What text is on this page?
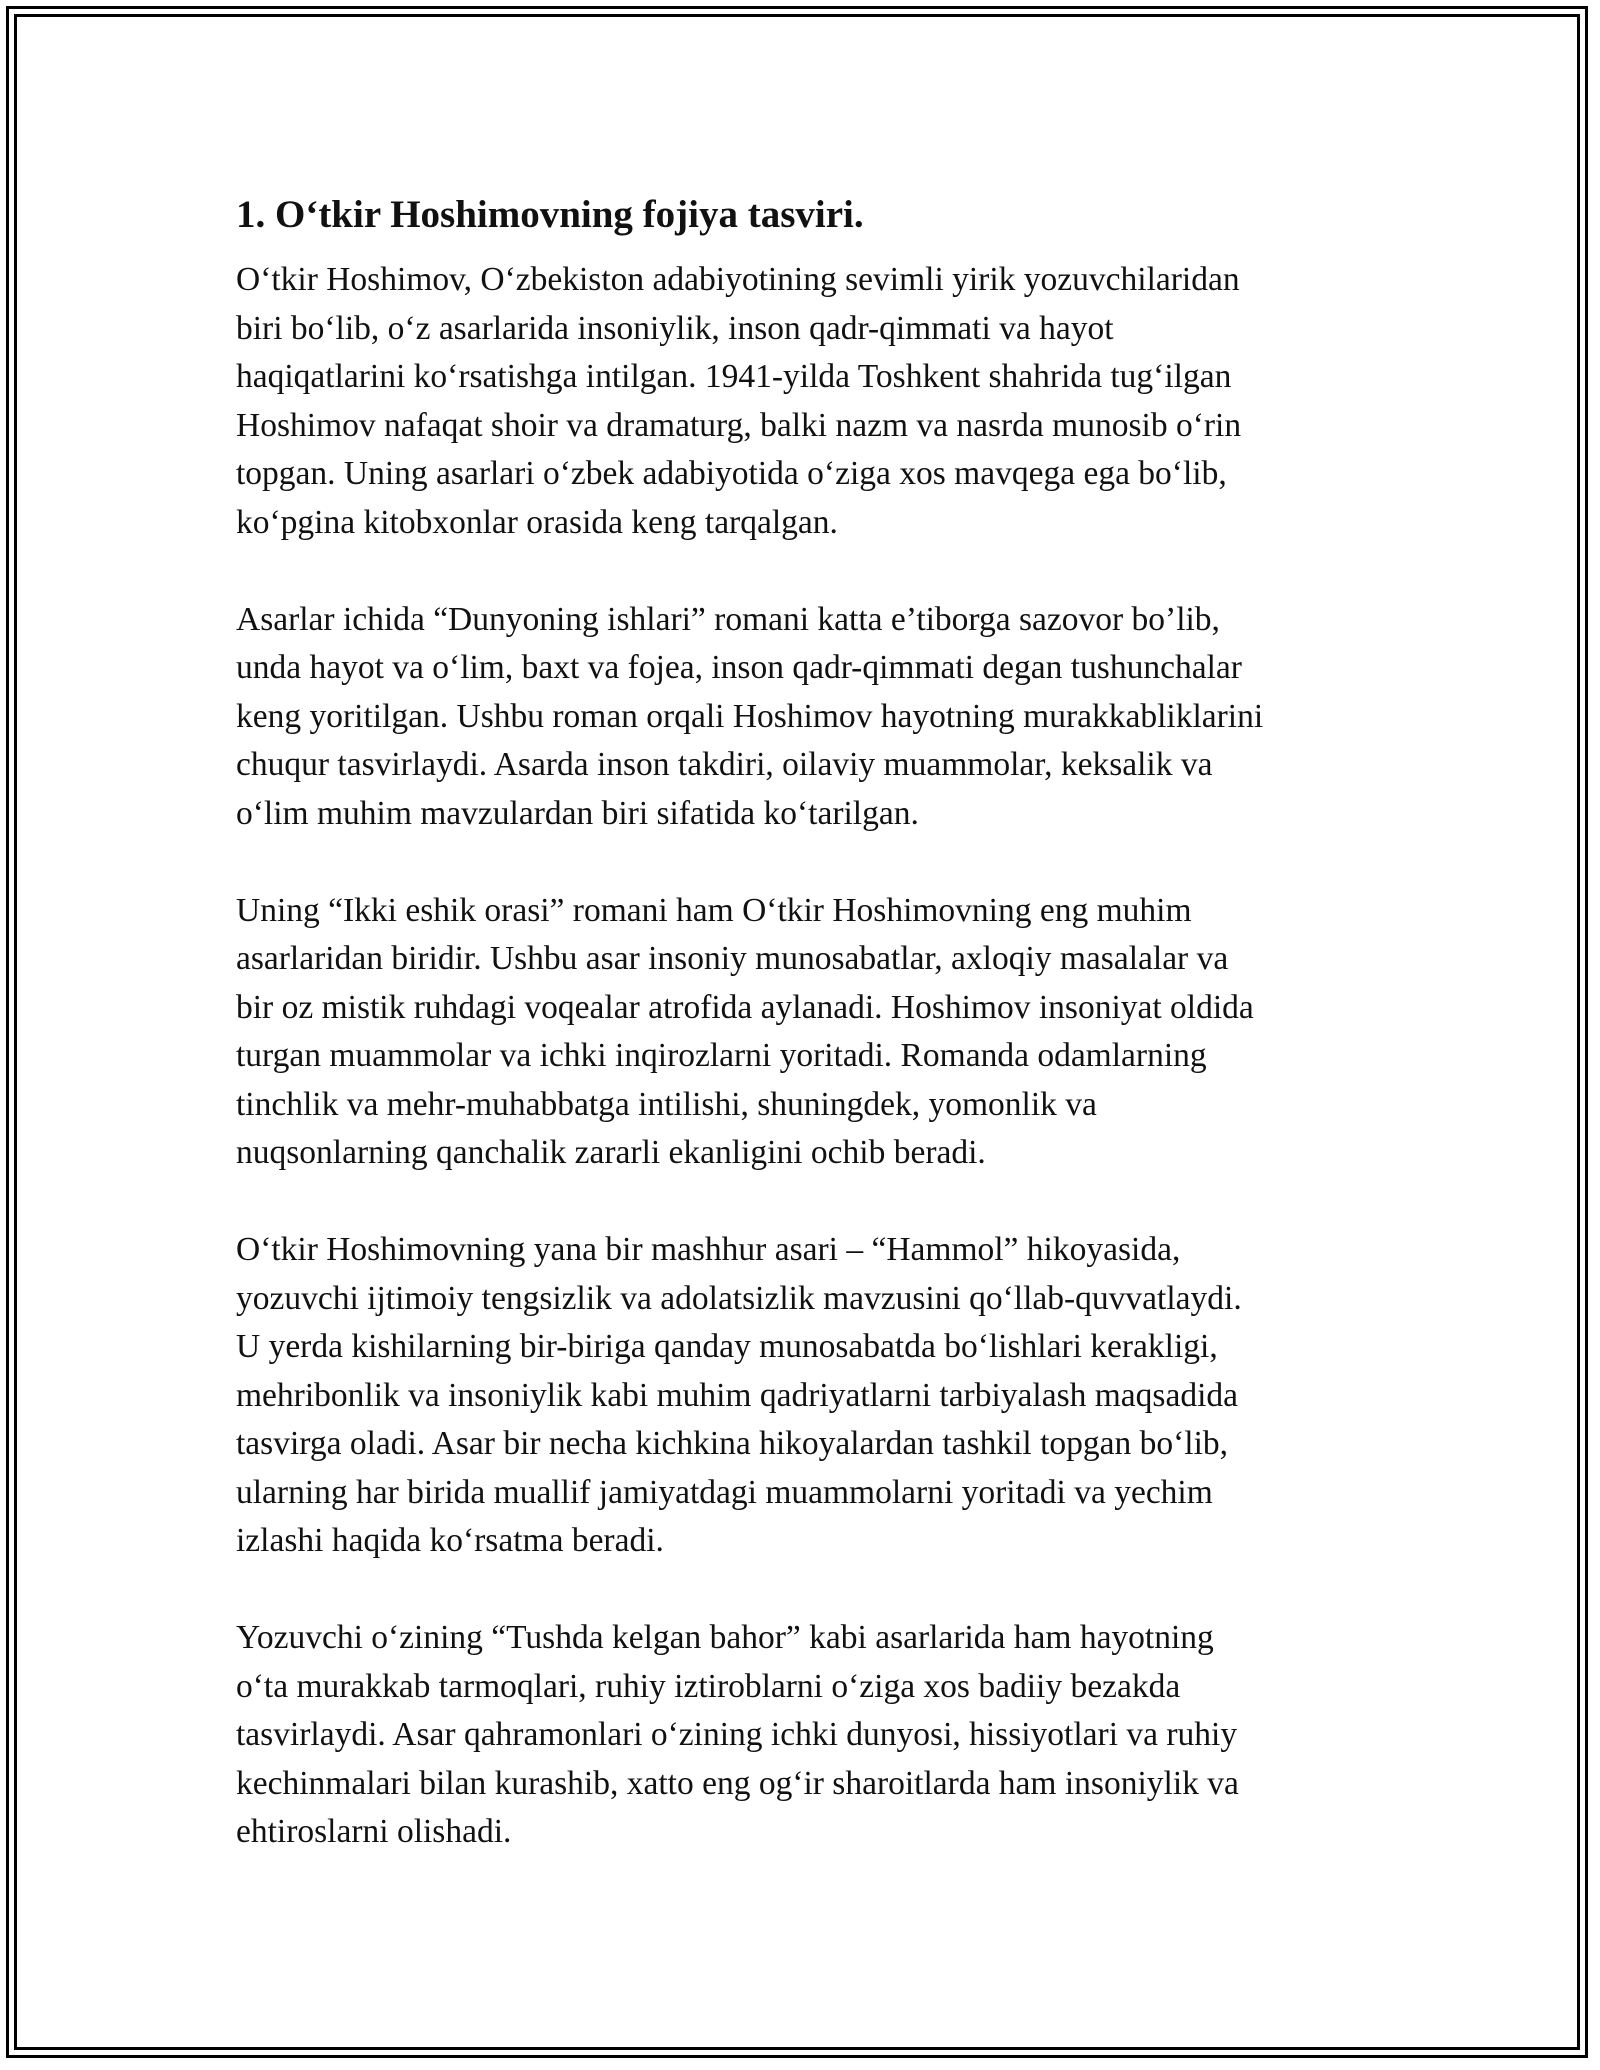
1. O‘tkir Hoshimovning fojiya tasviri.

O‘tkir Hoshimov, O‘zbekiston adabiyotining sevimli yirik yozuvchilaridan
biri bo‘lib, o‘z asarlarida insoniylik, inson qadr-qimmati va hayot
haqiqatlarini ko‘rsatishga intilgan. 1941-yilda Toshkent shahrida tug‘ilgan
Hoshimov nafaqat shoir va dramaturg, balki nazm va nasrda munosib o‘rin
topgan. Uning asarlari o‘zbek adabiyotida o‘ziga xos mavqega ega bo‘lib,
ko‘pgina kitobxonlar orasida keng tarqalgan.

Asarlar ichida “Dunyoning ishlari” romani katta e’tiborga sazovor bo’lib,
unda hayot va o‘lim, baxt va fojea, inson qadr-qimmati degan tushunchalar
keng yoritilgan. Ushbu roman orqali Hoshimov hayotning murakkabliklarini
chuqur tasvirlaydi. Asarda inson takdiri, oilaviy muammolar, keksalik va
o‘lim muhim mavzulardan biri sifatida ko‘tarilgan.

Uning “Ikki eshik orasi” romani ham O‘tkir Hoshimovning eng muhim
asarlaridan biridir. Ushbu asar insoniy munosabatlar, axloqiy masalalar va
bir oz mistik ruhdagi voqealar atrofida aylanadi. Hoshimov insoniyat oldida
turgan muammolar va ichki inqirozlarni yoritadi. Romanda odamlarning
tinchlik va mehr-muhabbatga intilishi, shuningdek, yomonlik va
nuqsonlarning qanchalik zararli ekanligini ochib beradi.

O‘tkir Hoshimovning yana bir mashhur asari – “Hammol” hikoyasida,
yozuvchi ijtimoiy tengsizlik va adolatsizlik mavzusini qo‘llab-quvvatlaydi.
U yerda kishilarning bir-biriga qanday munosabatda bo‘lishlari kerakligi,
mehribonlik va insoniylik kabi muhim qadriyatlarni tarbiyalash maqsadida
tasvirga oladi. Asar bir necha kichkina hikoyalardan tashkil topgan bo‘lib,
ularning har birida muallif jamiyatdagi muammolarni yoritadi va yechim
izlashi haqida ko‘rsatma beradi.

Yozuvchi o‘zining “Tushda kelgan bahor” kabi asarlarida ham hayotning
o‘ta murakkab tarmoqlari, ruhiy iztiroblarni o‘ziga xos badiiy bezakda
tasvirlaydi. Asar qahramonlari o‘zining ichki dunyosi, hissiyotlari va ruhiy
kechinmalari bilan kurashib, xatto eng og‘ir sharoitlarda ham insoniylik va
ehtiroslarni olishadi.
